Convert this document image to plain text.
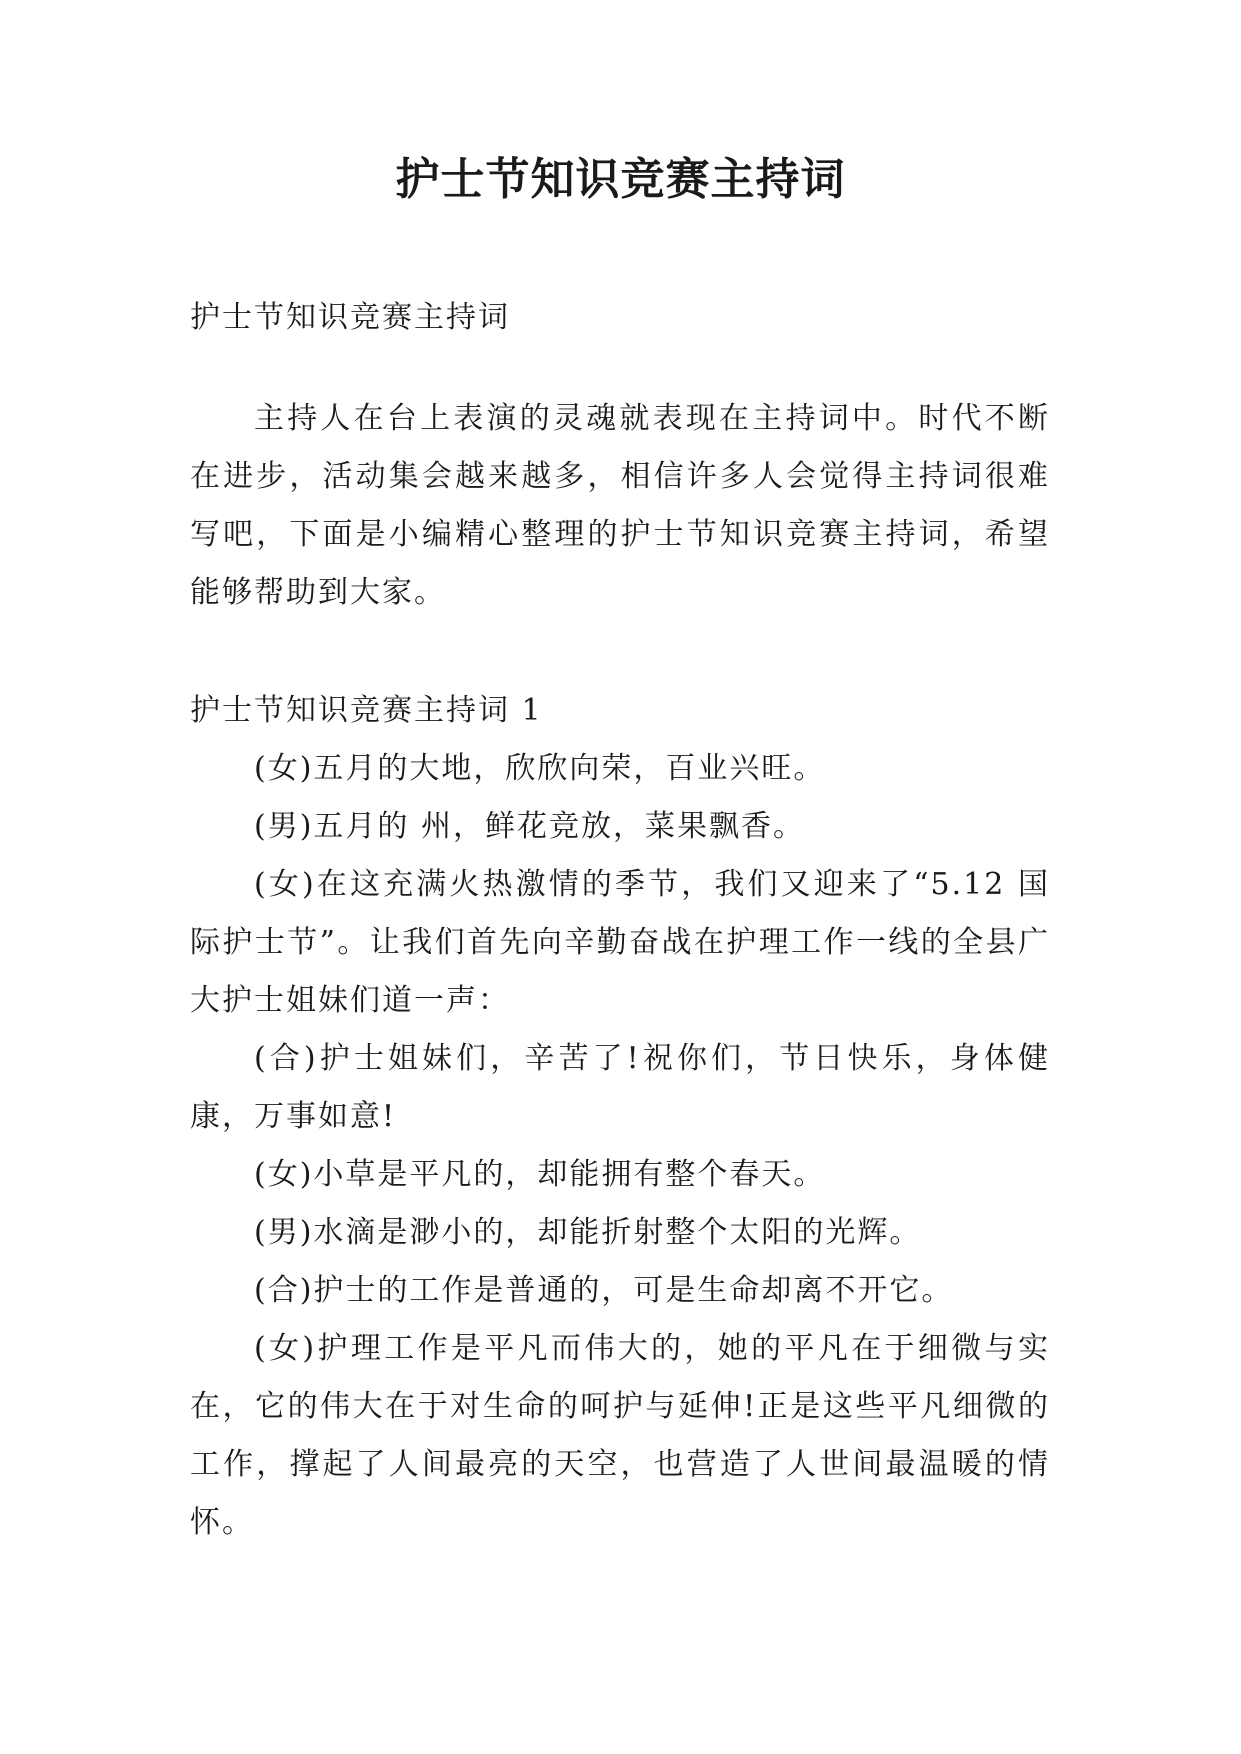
护士节知识竞赛主持词

护士节知识竞赛主持词

主持人在台上表演的灵魂就表现在主持词中。时代不断在进步，活动集会越来越多，相信许多人会觉得主持词很难写吧，下面是小编精心整理的护士节知识竞赛主持词，希望能够帮助到大家。

护士节知识竞赛主持词 1

(女)五月的大地，欣欣向荣，百业兴旺。

(男)五月的 州，鲜花竞放，菜果飘香。

(女)在这充满火热激情的季节，我们又迎来了“5.12 国际护士节”。让我们首先向辛勤奋战在护理工作一线的全县广大护士姐妹们道一声：

(合)护士姐妹们，辛苦了!祝你们，节日快乐，身体健康，万事如意!

(女)小草是平凡的，却能拥有整个春天。

(男)水滴是渺小的，却能折射整个太阳的光辉。

(合)护士的工作是普通的，可是生命却离不开它。

(女)护理工作是平凡而伟大的，她的平凡在于细微与实在，它的伟大在于对生命的呵护与延伸!正是这些平凡细微的工作，撑起了人间最亮的天空，也营造了人世间最温暖的情怀。
